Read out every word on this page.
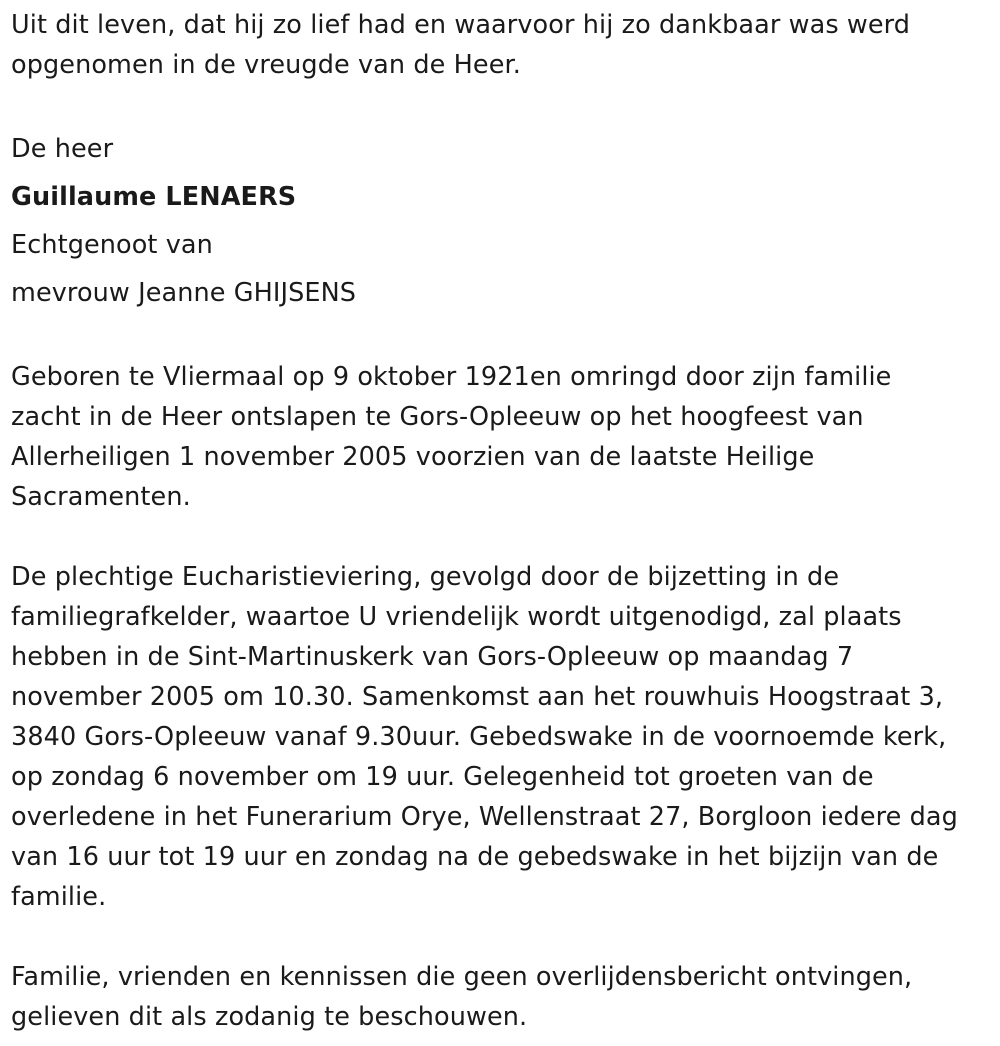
Uit dit leven, dat hij zo lief had en waarvoor hij zo dankbaar was werd
opgenomen in de vreugde van de Heer.

De heer

Guillaume LENAERS

Echtgenoot van

mevrouw Jeanne GHIJSENS

Geboren te Vliermaal op 9 oktober 1921en omringd door zijn familie
zacht in de Heer ontslapen te Gors-Opleeuw op het hoogfeest van
Allerheiligen 1 november 2005 voorzien van de laatste Heilige
Sacramenten.

De plechtige Eucharistieviering, gevolgd door de bijzetting in de
familiegrafkelder, waartoe U vriendelijk wordt uitgenodigd, zal plaats
hebben in de Sint-Martinuskerk van Gors-Opleeuw op maandag 7
november 2005 om 10.30. Samenkomst aan het rouwhuis Hoogstraat 3,
3840 Gors-Opleeuw vanaf 9.30uur. Gebedswake in de voornoemde kerk,
op zondag 6 november om 19 uur. Gelegenheid tot groeten van de
overledene in het Funerarium Orye, Wellenstraat 27, Borgloon iedere dag
van 16 uur tot 19 uur en zondag na de gebedswake in het bijzijn van de
familie.

Familie, vrienden en kennissen die geen overlijdensbericht ontvingen,
gelieven dit als zodanig te beschouwen.
